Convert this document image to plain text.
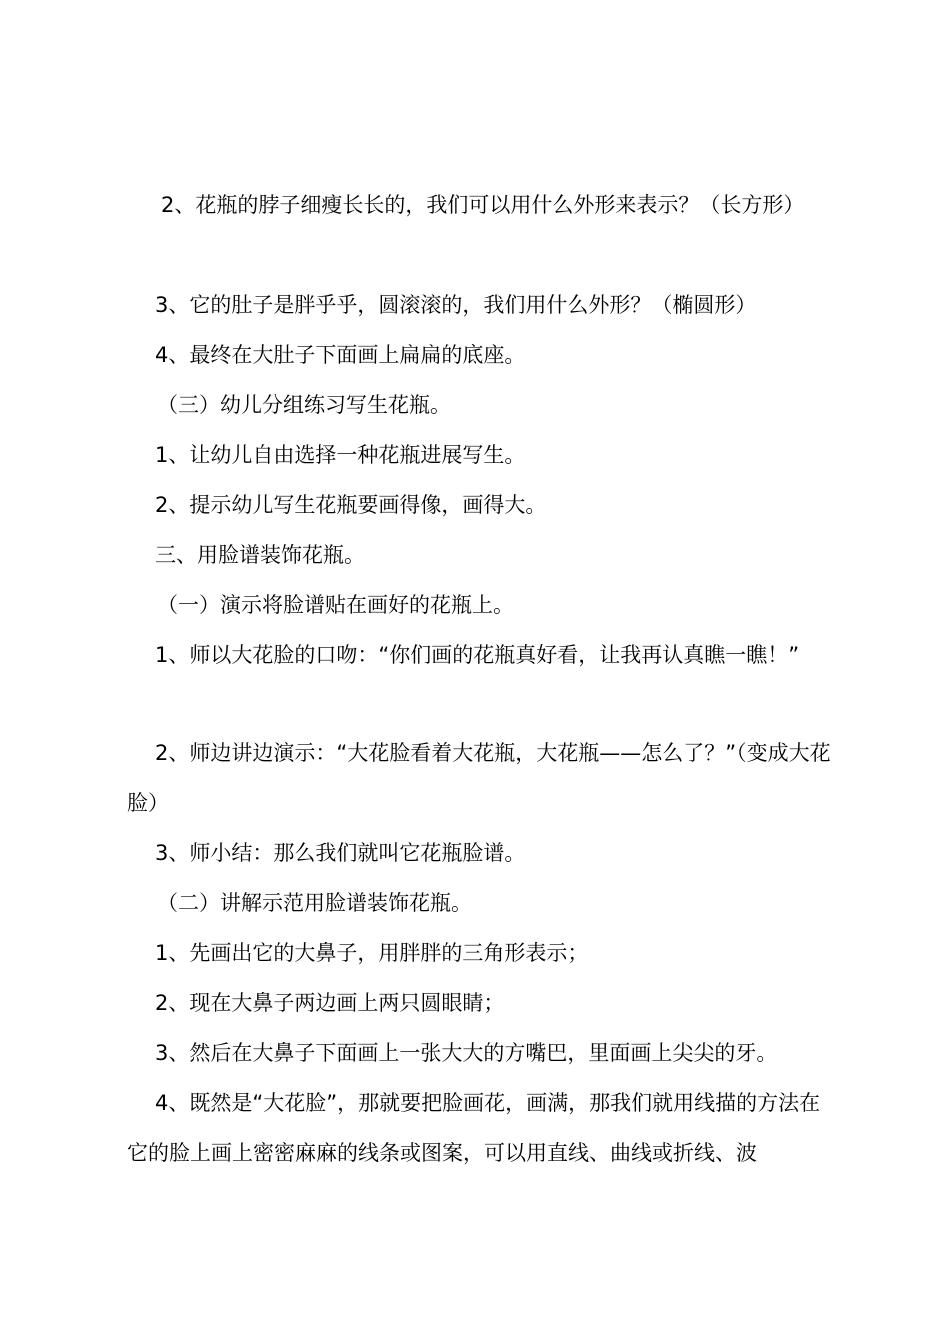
2、花瓶的脖子细瘦长长的，我们可以用什么外形来表示？（长方形）

3、它的肚子是胖乎乎，圆滚滚的，我们用什么外形？（椭圆形）

4、最终在大肚子下面画上扁扁的底座。

（三）幼儿分组练习写生花瓶。

1、让幼儿自由选择一种花瓶进展写生。

2、提示幼儿写生花瓶要画得像，画得大。

三、用脸谱装饰花瓶。

（一）演示将脸谱贴在画好的花瓶上。

1、师以大花脸的口吻：“你们画的花瓶真好看，让我再认真瞧一瞧！”

2、师边讲边演示：“大花脸看着大花瓶，大花瓶——怎么了？”（变成大花脸）

3、师小结：那么我们就叫它花瓶脸谱。

（二）讲解示范用脸谱装饰花瓶。

1、先画出它的大鼻子，用胖胖的三角形表示；

2、现在大鼻子两边画上两只圆眼睛；

3、然后在大鼻子下面画上一张大大的方嘴巴，里面画上尖尖的牙。

4、既然是“大花脸”，那就要把脸画花，画满，那我们就用线描的方法在它的脸上画上密密麻麻的线条或图案，可以用直线、曲线或折线、波
